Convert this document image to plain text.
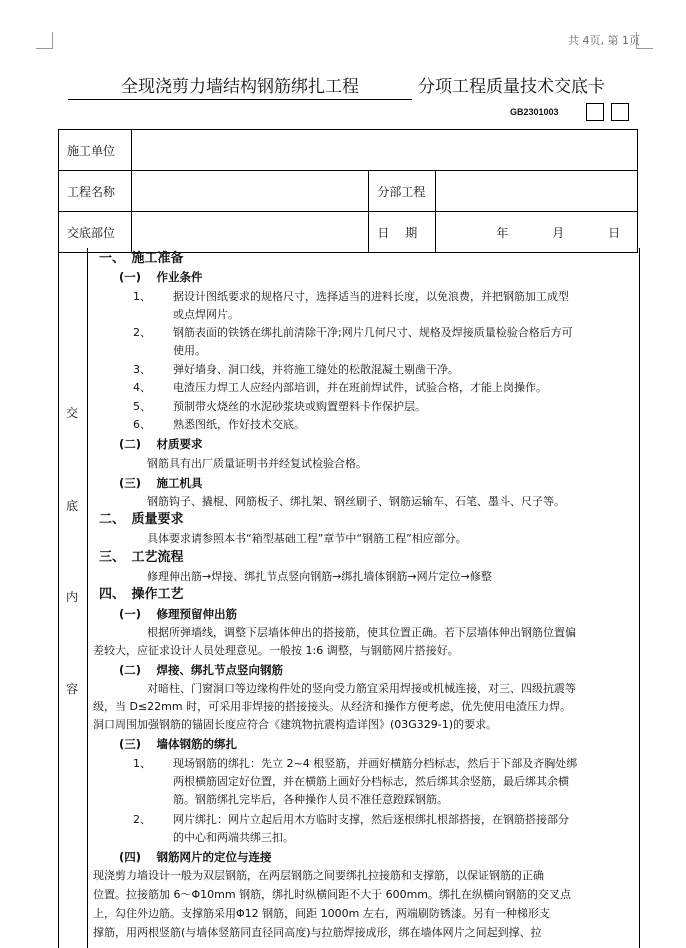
共 4页, 第 1页
全现浇剪力墙结构钢筋绑扎工程	分项工程质量技术交底卡
GB2301003
施工单位			
工程名称		分部工程	
交底部位		日　 期	年 月 日
交
底
内
容
一、　施工准备
(一)　 作业条件
1、 据设计图纸要求的规格尺寸，选择适当的进料长度，以免浪费，并把钢筋加工成型
或点焊网片。
2、 钢筋表面的铁锈在绑扎前清除干净;网片几何尺寸、规格及焊接质量检验合格后方可
使用。
3、 弹好墙身、洞口线，并将施工缝处的松散混凝土剔凿干净。
4、 电渣压力焊工人应经内部培训，并在班前焊试件，试验合格，才能上岗操作。
5、 预制带火烧丝的水泥砂浆块或购置塑料卡作保护层。
6、 熟悉图纸，作好技术交底。
(二)　 材质要求
钢筋具有出厂质量证明书并经复试检验合格。
(三)　 施工机具
钢筋钩子、撬棍、网筋板子、绑扎架、钢丝刷子、钢筋运输车、石笔、墨斗、尺子等。
二、　质量要求
具体要求请参照本书“箱型基础工程”章节中“钢筋工程”相应部分。
三、　工艺流程
修理伸出筋→焊接、绑扎节点竖向钢筋→绑扎墙体钢筋→网片定位→修整
四、　操作工艺
(一)　 修理预留伸出筋
根据所弹墙线，调整下层墙体伸出的搭接筋，使其位置正确。若下层墙体伸出钢筋位置偏
差较大，应征求设计人员处理意见。一般按 1:6 调整，与钢筋网片搭接好。
(二)　 焊接、绑扎节点竖向钢筋
对暗柱、门窗洞口等边缘构件处的竖向受力筋宜采用焊接或机械连接，对三、四级抗震等
级，当 D≤22mm 时，可采用非焊接的搭接接头。从经济和操作方便考虑，优先使用电渣压力焊。
洞口周围加强钢筋的锚固长度应符合《建筑物抗震构造详图》(03G329-1)的要求。
(三)　 墙体钢筋的绑扎
1、 现场钢筋的绑扎：先立 2~4 根竖筋，并画好横筋分档标志，然后于下部及齐胸处绑
两根横筋固定好位置，并在横筋上画好分档标志，然后绑其余竖筋，最后绑其余横
筋。钢筋绑扎完毕后，各种操作人员不准任意蹬踩钢筋。
2、 网片绑扎：网片立起后用木方临时支撑，然后逐根绑扎根部搭接，在钢筋搭接部分
的中心和两端共绑三扣。
(四)　 钢筋网片的定位与连接
现浇剪力墙设计一般为双层钢筋，在两层钢筋之间要绑扎拉接筋和支撑筋，以保证钢筋的正确
位置。拉接筋加 6～Φ10mm 钢筋，绑扎时纵横间距不大于 600mm。绑扎在纵横向钢筋的交叉点
上，勾住外边筋。支撑筋采用Φ12 钢筋，间距 1000m 左右，两端刷防锈漆。另有一种梯形支
撑筋，用两根竖筋(与墙体竖筋同直径同高度)与拉筋焊接成形，绑在墙体网片之间起到撑、拉
